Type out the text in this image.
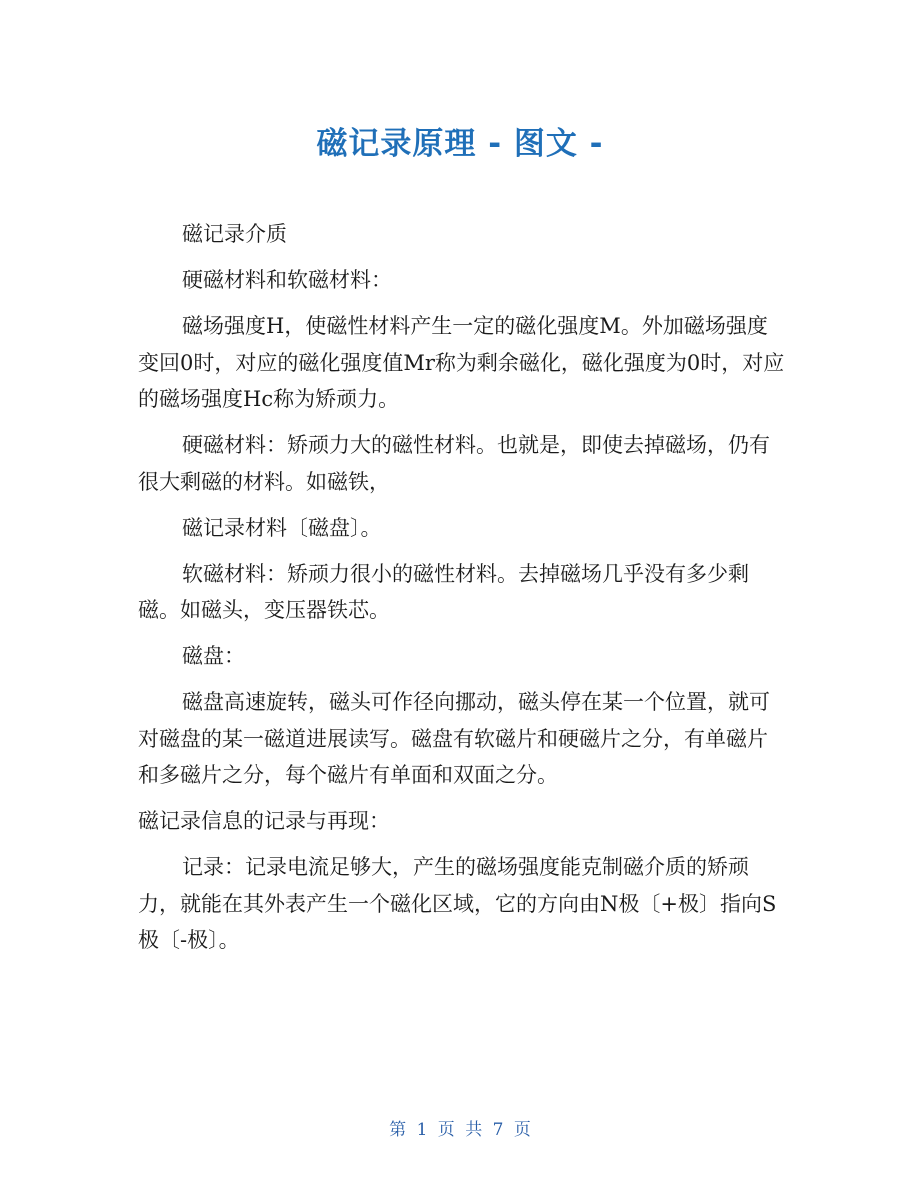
磁记录原理 - 图文 -

磁记录介质

硬磁材料和软磁材料：

磁场强度H，使磁性材料产生一定的磁化强度M。外加磁场强度变回0时，对应的磁化强度值Mr称为剩余磁化，磁化强度为0时，对应的磁场强度Hc称为矫顽力。

硬磁材料：矫顽力大的磁性材料。也就是，即使去掉磁场，仍有很大剩磁的材料。如磁铁，

磁记录材料〔磁盘〕。

软磁材料：矫顽力很小的磁性材料。去掉磁场几乎没有多少剩磁。如磁头，变压器铁芯。

磁盘：

磁盘高速旋转，磁头可作径向挪动，磁头停在某一个位置，就可对磁盘的某一磁道进展读写。磁盘有软磁片和硬磁片之分，有单磁片和多磁片之分，每个磁片有单面和双面之分。

磁记录信息的记录与再现：

记录：记录电流足够大，产生的磁场强度能克制磁介质的矫顽力，就能在其外表产生一个磁化区域，它的方向由N极〔+极〕指向S极〔-极〕。

第 1 页 共 7 页
